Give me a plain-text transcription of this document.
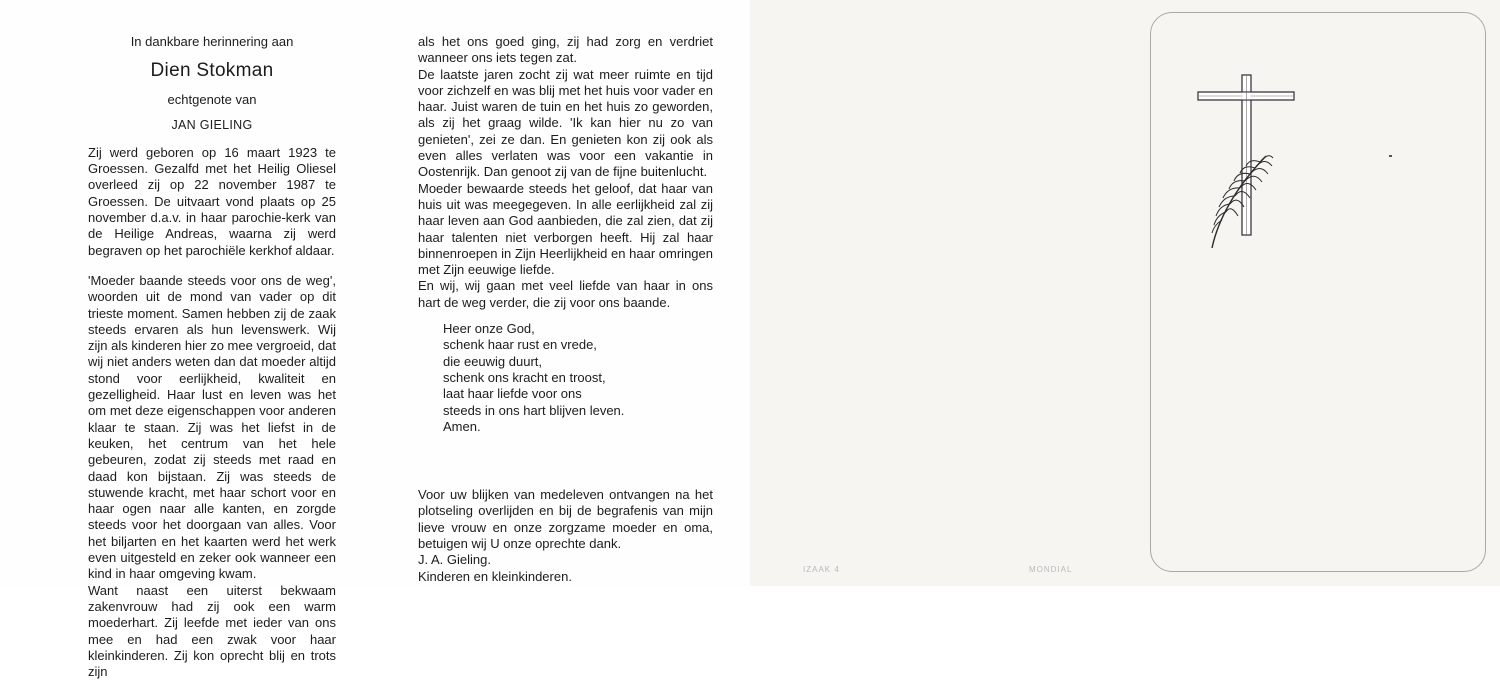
In dankbare herinnering aan
Dien Stokman
echtgenote van
JAN GIELING

Zij werd geboren op 16 maart 1923 te Groessen. Gezalfd met het Heilig Oliesel overleed zij op 22 november 1987 te Groessen. De uitvaart vond plaats op 25 november d.a.v. in haar parochie-kerk van de Heilige Andreas, waarna zij werd begraven op het parochiële kerkhof aldaar.

'Moeder baande steeds voor ons de weg', woorden uit de mond van vader op dit trieste moment. Samen hebben zij de zaak steeds ervaren als hun levenswerk. Wij zijn als kinderen hier zo mee vergroeid, dat wij niet anders weten dan dat moeder altijd stond voor eerlijkheid, kwaliteit en gezelligheid. Haar lust en leven was het om met deze eigenschappen voor anderen klaar te staan. Zij was het liefst in de keuken, het centrum van het hele gebeuren, zodat zij steeds met raad en daad kon bijstaan. Zij was steeds de stuwende kracht, met haar schort voor en haar ogen naar alle kanten, en zorgde steeds voor het doorgaan van alles. Voor het biljarten en het kaarten werd het werk even uitgesteld en zeker ook wanneer een kind in haar omgeving kwam.

Want naast een uiterst bekwaam zakenvrouw had zij ook een warm moederhart. Zij leefde met ieder van ons mee en had een zwak voor haar kleinkinderen. Zij kon oprecht blij en trots zijn

als het ons goed ging, zij had zorg en verdriet wanneer ons iets tegen zat.

De laatste jaren zocht zij wat meer ruimte en tijd voor zichzelf en was blij met het huis voor vader en haar. Juist waren de tuin en het huis zo geworden, als zij het graag wilde. 'Ik kan hier nu zo van genieten', zei ze dan. En genieten kon zij ook als even alles verlaten was voor een vakantie in Oostenrijk. Dan genoot zij van de fijne buitenlucht.

Moeder bewaarde steeds het geloof, dat haar van huis uit was meegegeven. In alle eerlijkheid zal zij haar leven aan God aanbieden, die zal zien, dat zij haar talenten niet verborgen heeft. Hij zal haar binnenroepen in Zijn Heerlijkheid en haar omringen met Zijn eeuwige liefde.

En wij, wij gaan met veel liefde van haar in ons hart de weg verder, die zij voor ons baande.

Heer onze God,
schenk haar rust en vrede,
die eeuwig duurt,
schenk ons kracht en troost,
laat haar liefde voor ons
steeds in ons hart blijven leven.
Amen.

Voor uw blijken van medeleven ontvangen na het plotseling overlijden en bij de begrafenis van mijn lieve vrouw en onze zorgzame moeder en oma, betuigen wij U onze oprechte dank.

J. A. Gieling.
Kinderen en kleinkinderen.	IZAAK 4	MONDIAL
